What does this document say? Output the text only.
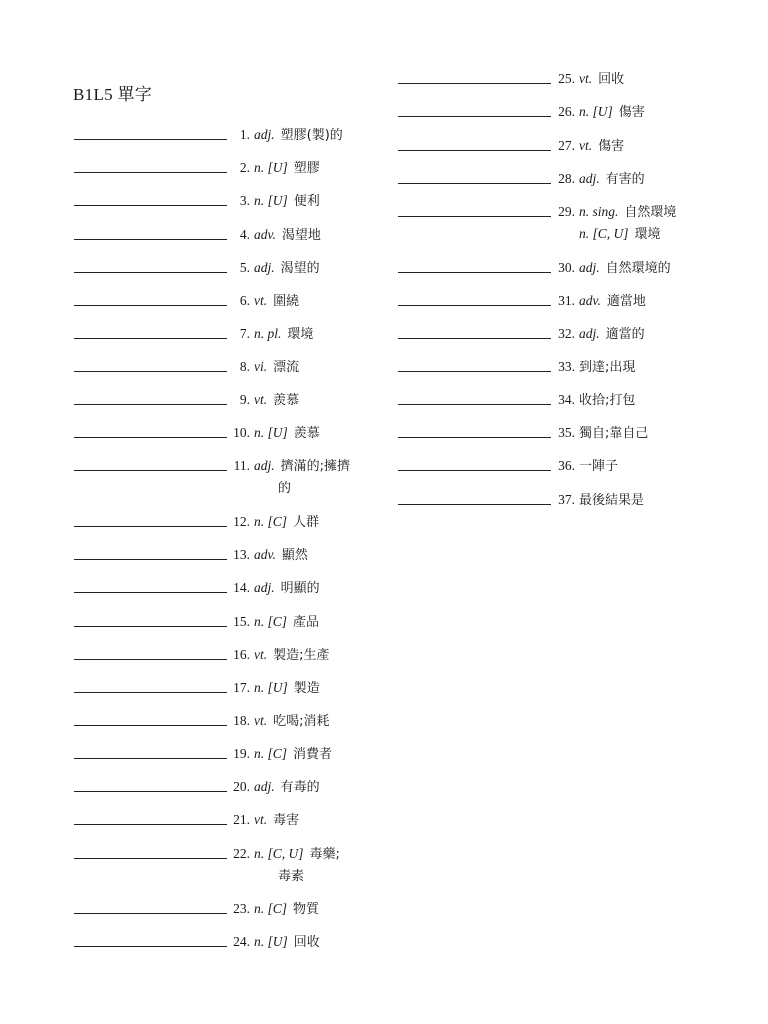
B1L5 單字
1. adj. 塑膠(製)的
2. n. [U] 塑膠
3. n. [U] 便利
4. adv. 渴望地
5. adj. 渴望的
6. vt. 圍繞
7. n. pl. 環境
8. vi. 漂流
9. vt. 羨慕
10. n. [U] 羨慕
11. adj. 擠滿的;擁擠
的
12. n. [C] 人群
13. adv. 顯然
14. adj. 明顯的
15. n. [C] 產品
16. vt. 製造;生產
17. n. [U] 製造
18. vt. 吃喝;消耗
19. n. [C] 消費者
20. adj. 有毒的
21. vt. 毒害
22. n. [C, U] 毒藥;
毒素
23. n. [C] 物質
24. n. [U] 回收
25. vt. 回收
26. n. [U] 傷害
27. vt. 傷害
28. adj. 有害的
29. n. sing. 自然環境
n. [C, U] 環境
30. adj. 自然環境的
31. adv. 適當地
32. adj. 適當的
33. 到達;出現
34. 收拾;打包
35. 獨自;靠自己
36. 一陣子
37. 最後結果是
